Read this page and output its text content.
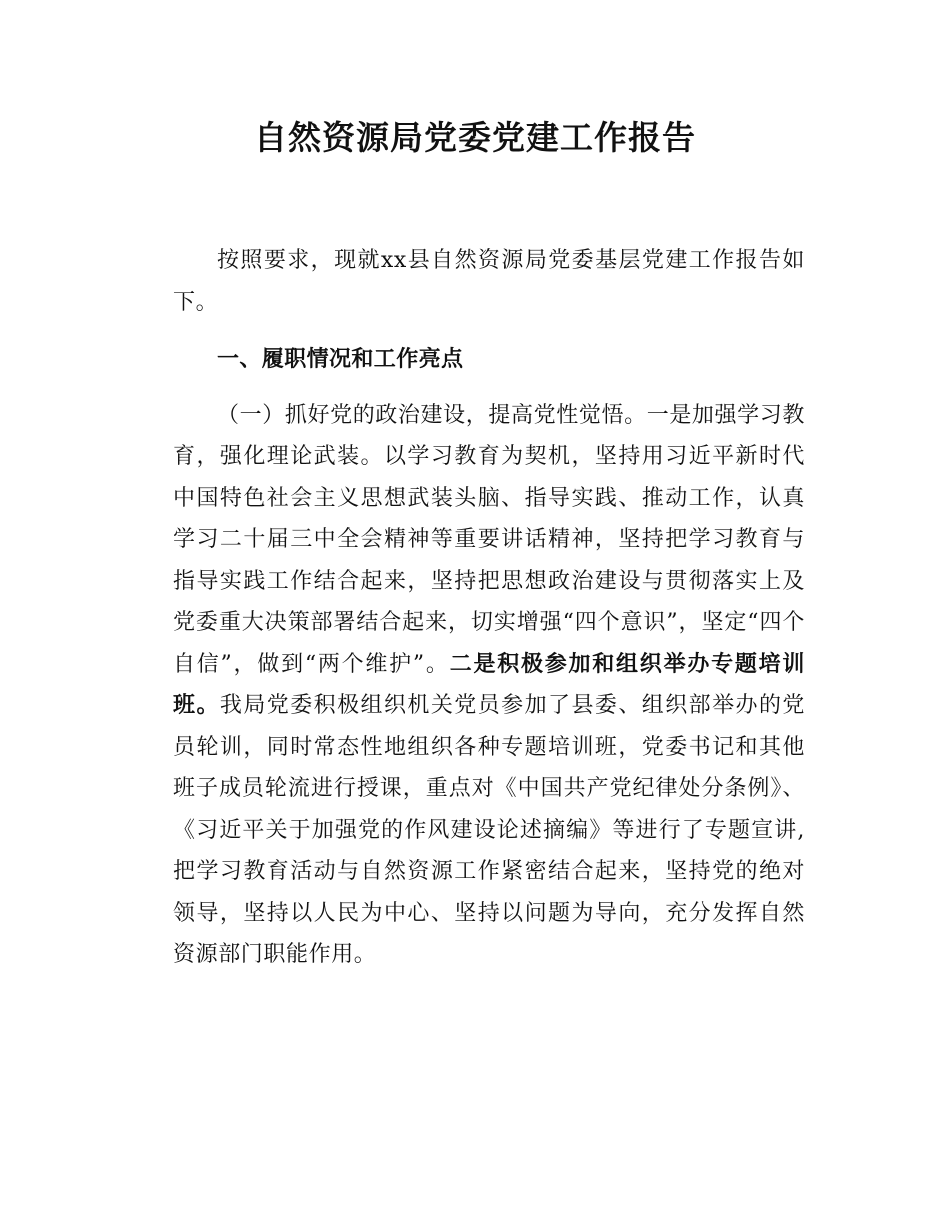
自然资源局党委党建工作报告

按照要求，现就xx县自然资源局党委基层党建工作报告如下。

一、履职情况和工作亮点

（一）抓好党的政治建设，提高党性觉悟。一是加强学习教育，强化理论武装。以学习教育为契机，坚持用习近平新时代中国特色社会主义思想武装头脑、指导实践、推动工作，认真学习二十届三中全会精神等重要讲话精神，坚持把学习教育与指导实践工作结合起来，坚持把思想政治建设与贯彻落实上及党委重大决策部署结合起来，切实增强“四个意识”，坚定“四个自信”，做到“两个维护”。二是积极参加和组织举办专题培训班。我局党委积极组织机关党员参加了县委、组织部举办的党员轮训，同时常态性地组织各种专题培训班，党委书记和其他班子成员轮流进行授课，重点对《中国共产党纪律处分条例》、《习近平关于加强党的作风建设论述摘编》等进行了专题宣讲,把学习教育活动与自然资源工作紧密结合起来，坚持党的绝对领导，坚持以人民为中心、坚持以问题为导向，充分发挥自然资源部门职能作用。
